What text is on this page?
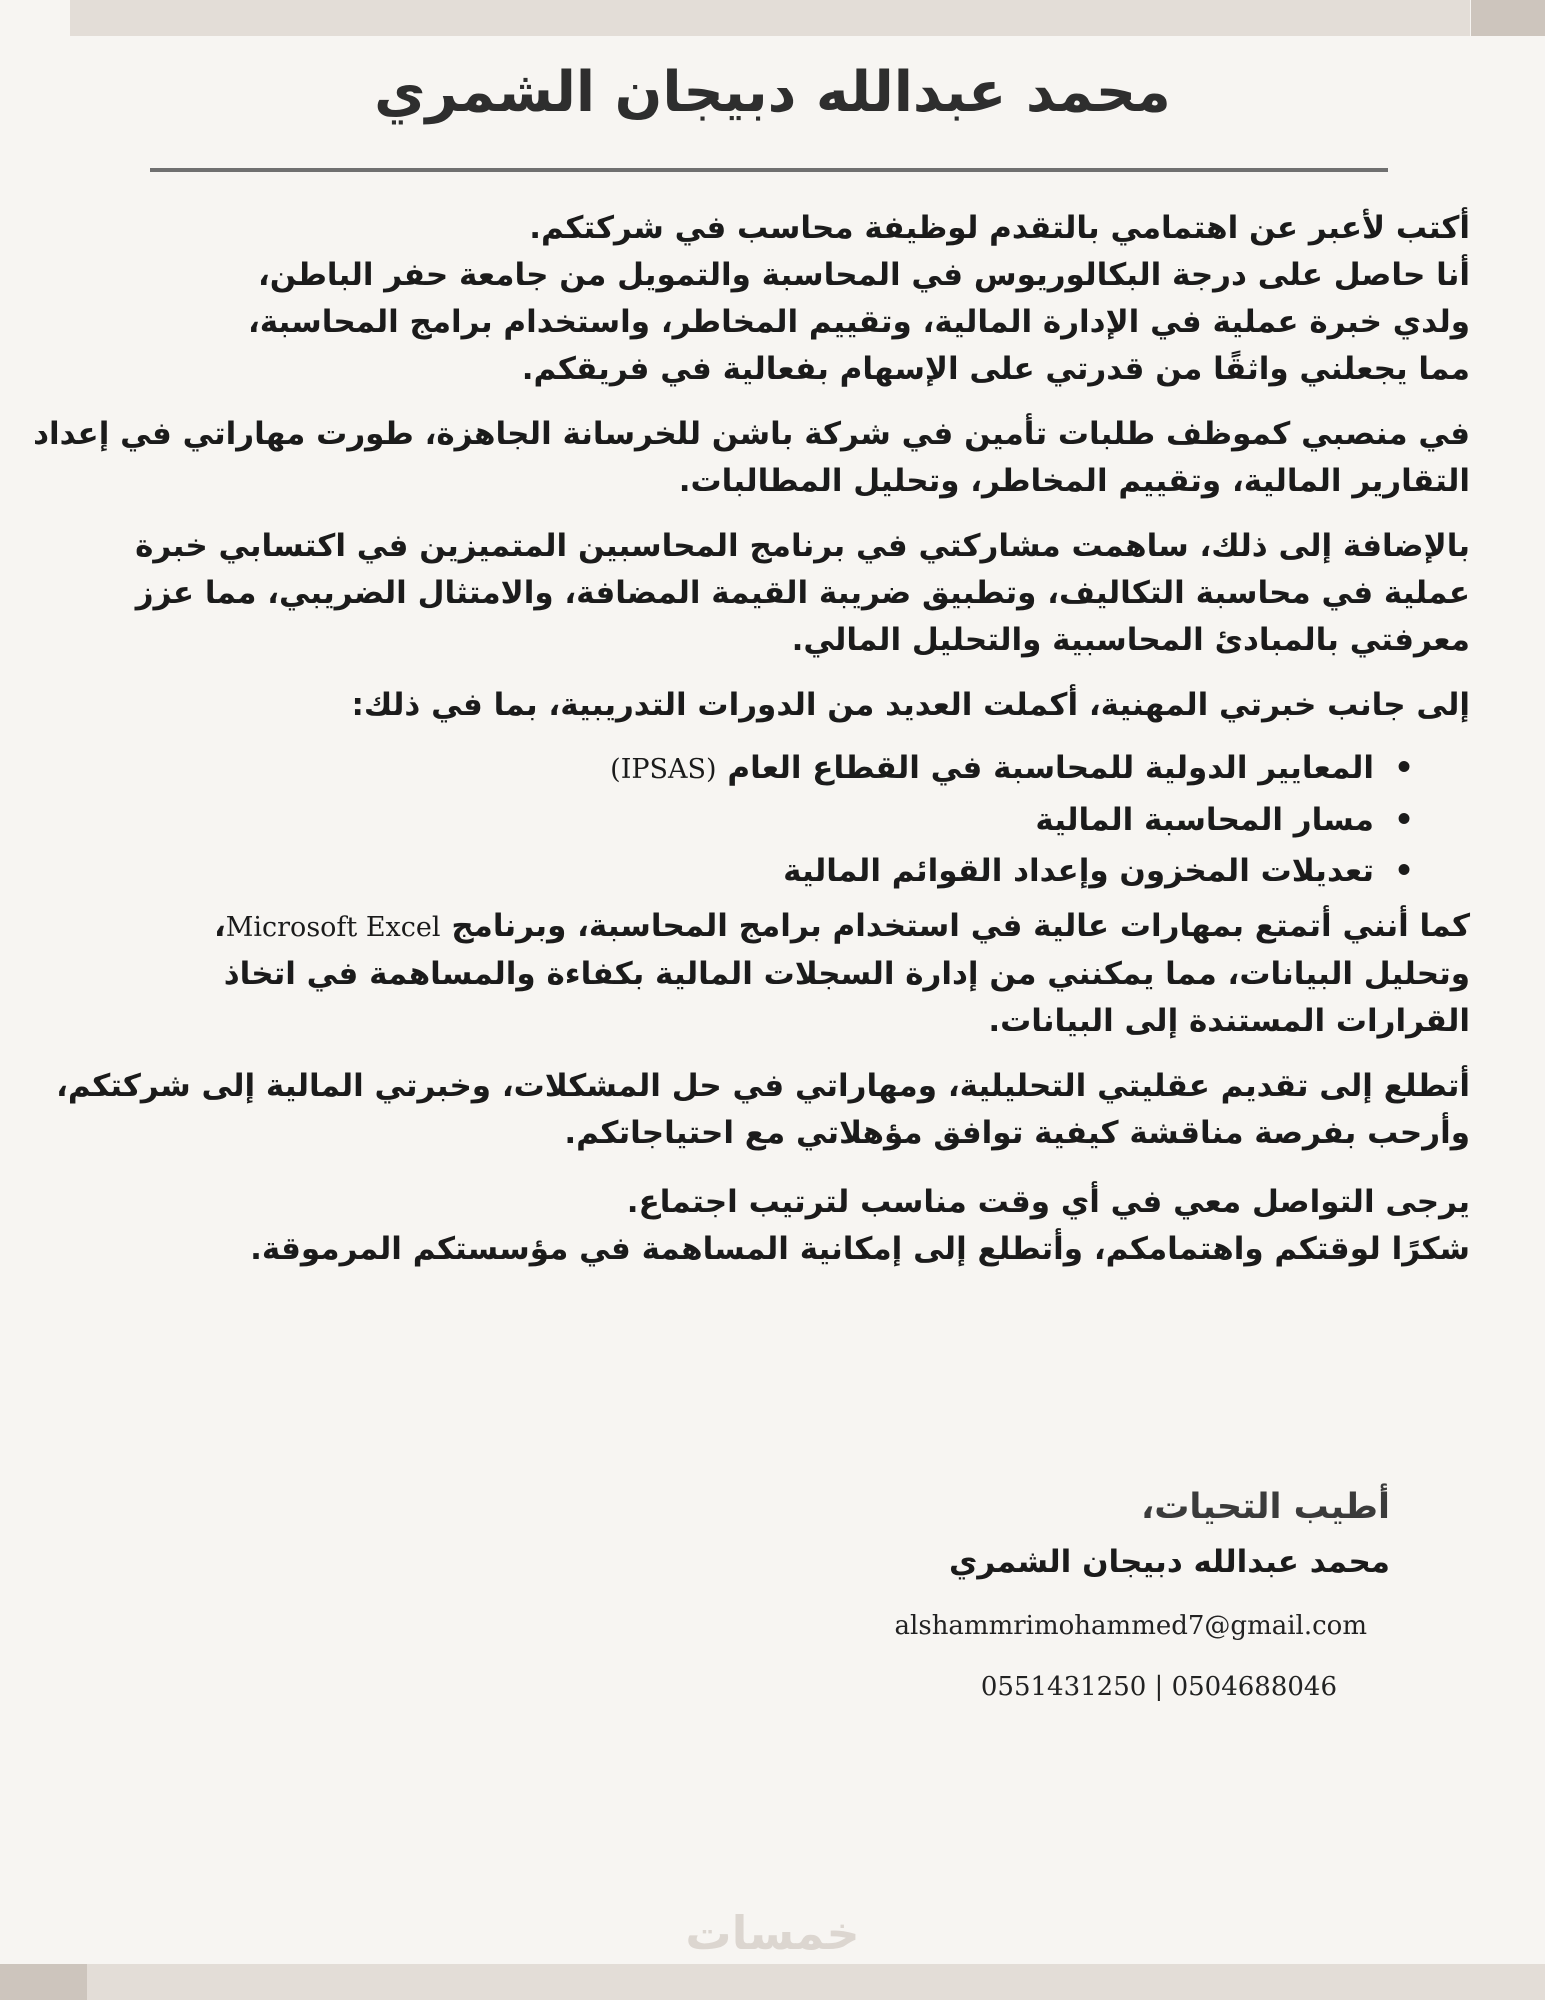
محمد عبدالله دبيجان الشمري

أكتب لأعبر عن اهتمامي بالتقدم لوظيفة محاسب في شركتكم.

أنا حاصل على درجة البكالوريوس في المحاسبة والتمويل من جامعة حفر الباطن،

ولدي خبرة عملية في الإدارة المالية، وتقييم المخاطر، واستخدام برامج المحاسبة،

مما يجعلني واثقًا من قدرتي على الإسهام بفعالية في فريقكم.

في منصبي كموظف طلبات تأمين في شركة باشن للخرسانة الجاهزة، طورت مهاراتي في إعداد

التقارير المالية، وتقييم المخاطر، وتحليل المطالبات.

بالإضافة إلى ذلك، ساهمت مشاركتي في برنامج المحاسبين المتميزين في اكتسابي خبرة

عملية في محاسبة التكاليف، وتطبيق ضريبة القيمة المضافة، والامتثال الضريبي، مما عزز

معرفتي بالمبادئ المحاسبية والتحليل المالي.

إلى جانب خبرتي المهنية، أكملت العديد من الدورات التدريبية، بما في ذلك:

•
المعايير الدولية للمحاسبة في القطاع العام (IPSAS)
•
مسار المحاسبة المالية
•
تعديلات المخزون وإعداد القوائم المالية

كما أنني أتمتع بمهارات عالية في استخدام برامج المحاسبة، وبرنامج Microsoft Excel،

وتحليل البيانات، مما يمكنني من إدارة السجلات المالية بكفاءة والمساهمة في اتخاذ

القرارات المستندة إلى البيانات.

أتطلع إلى تقديم عقليتي التحليلية، ومهاراتي في حل المشكلات، وخبرتي المالية إلى شركتكم،

وأرحب بفرصة مناقشة كيفية توافق مؤهلاتي مع احتياجاتكم.

يرجى التواصل معي في أي وقت مناسب لترتيب اجتماع.

شكرًا لوقتكم واهتمامكم، وأتطلع إلى إمكانية المساهمة في مؤسستكم المرموقة.

أطيب التحيات،
محمد عبدالله دبيجان الشمري
alshammrimohammed7@gmail.com
0551431250 | 0504688046
خمسات
